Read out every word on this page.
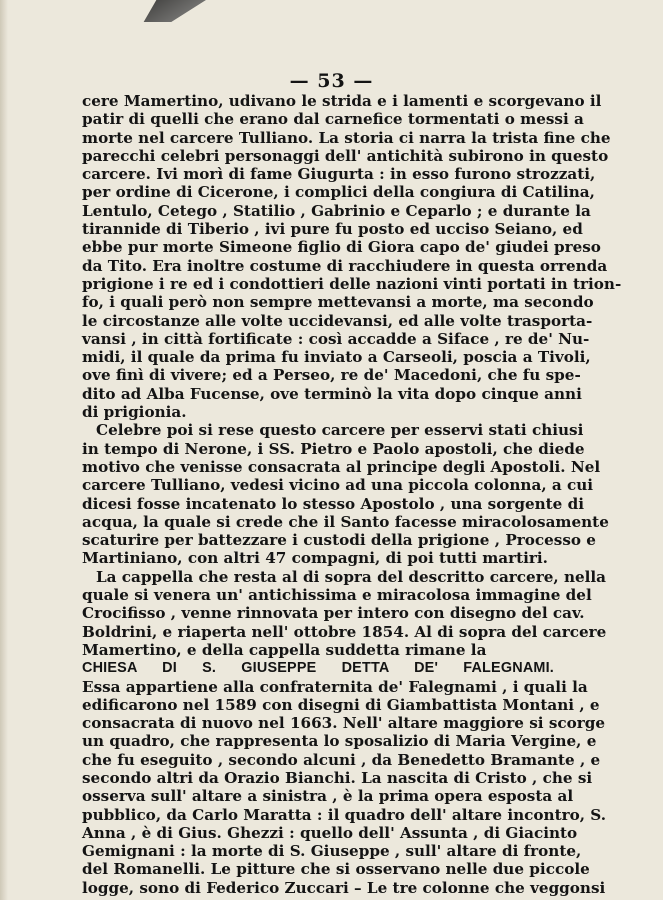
— 53 —
cere Mamertino, udivano le strida e i lamenti e scorgevano il
patir di quelli che erano dal carnefice tormentati o messi a
morte nel carcere Tulliano. La storia ci narra la trista fine che
parecchi celebri personaggi dell' antichità subirono in questo
carcere. Ivi morì di fame Giugurta : in esso furono strozzati,
per ordine di Cicerone, i complici della congiura di Catilina,
Lentulo, Cetego , Statilio , Gabrinio e Ceparlo ; e durante la
tirannide di Tiberio , ivi pure fu posto ed ucciso Seiano, ed
ebbe pur morte Simeone figlio di Giora capo de' giudei preso
da Tito. Era inoltre costume di racchiudere in questa orrenda
prigione i re ed i condottieri delle nazioni vinti portati in trion-
fo, i quali però non sempre mettevansi a morte, ma secondo
le circostanze alle volte uccidevansi, ed alle volte trasporta-
vansi , in città fortificate : così accadde a Siface , re de' Nu-
midi, il quale da prima fu inviato a Carseoli, poscia a Tivoli,
ove finì di vivere; ed a Perseo, re de' Macedoni, che fu spe-
dito ad Alba Fucense, ove terminò la vita dopo cinque anni
di prigionia.
Celebre poi si rese questo carcere per esservi stati chiusi
in tempo di Nerone, i SS. Pietro e Paolo apostoli, che diede
motivo che venisse consacrata al principe degli Apostoli. Nel
carcere Tulliano, vedesi vicino ad una piccola colonna, a cui
dicesi fosse incatenato lo stesso Apostolo , una sorgente di
acqua, la quale si crede che il Santo facesse miracolosamente
scaturire per battezzare i custodi della prigione , Processo e
Martiniano, con altri 47 compagni, di poi tutti martiri.
La cappella che resta al di sopra del descritto carcere, nella
quale si venera un' antichissima e miracolosa immagine del
Crocifisso , venne rinnovata per intero con disegno del cav.
Boldrini, e riaperta nell' ottobre 1854. Al di sopra del carcere
Mamertino, e della cappella suddetta rimane la
CHIESA DI S. GIUSEPPE DETTA DE' FALEGNAMI.
Essa appartiene alla confraternita de' Falegnami , i quali la
edificarono nel 1589 con disegni di Giambattista Montani , e
consacrata di nuovo nel 1663. Nell' altare maggiore si scorge
un quadro, che rappresenta lo sposalizio di Maria Vergine, e
che fu eseguito , secondo alcuni , da Benedetto Bramante , e
secondo altri da Orazio Bianchi. La nascita di Cristo , che si
osserva sull' altare a sinistra , è la prima opera esposta al
pubblico, da Carlo Maratta : il quadro dell' altare incontro, S.
Anna , è di Gius. Ghezzi : quello dell' Assunta , di Giacinto
Gemignani : la morte di S. Giuseppe , sull' altare di fronte,
del Romanelli. Le pitture che si osservano nelle due piccole
logge, sono di Federico Zuccari – Le tre colonne che veggonsi
